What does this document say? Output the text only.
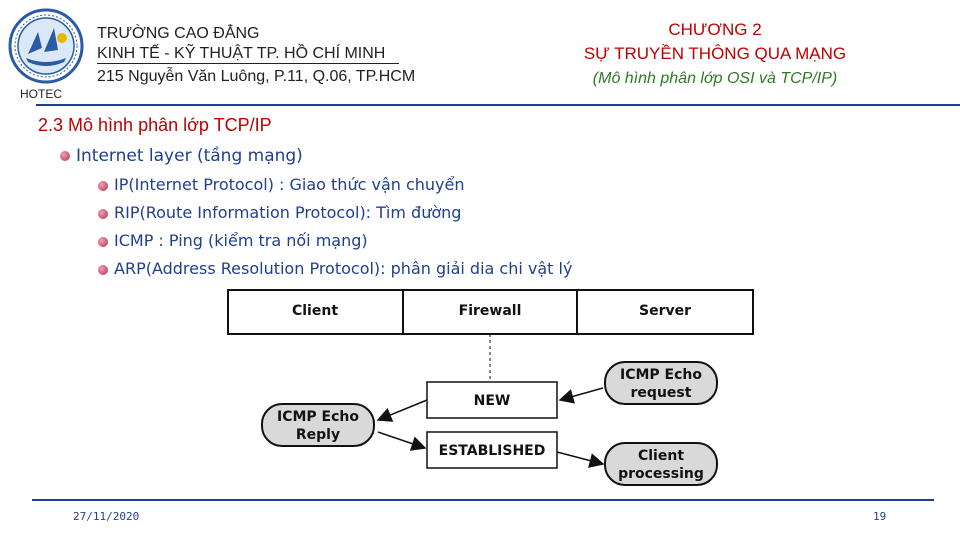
HOTEC
TRƯỜNG CAO ĐẲNG
KINH TẾ - KỸ THUẬT TP. HỒ CHÍ MINH
215 Nguyễn Văn Luông, P.11, Q.06, TP.HCM
CHƯƠNG 2
SỰ TRUYỀN THÔNG QUA MẠNG
(Mô hình phân lớp OSI và TCP/IP)
2.3 Mô hình phân lớp TCP/IP
Internet layer (tầng mạng)
IP(Internet Protocol) : Giao thức vận chuyển
RIP(Route Information Protocol): Tìm đường
ICMP : Ping (kiểm tra nối mạng)
ARP(Address Resolution Protocol): phân giải dia chi vật lý
Client	Firewall	Server
NEW
ESTABLISHED
ICMP Echo
request
Client
processing
ICMP Echo
Reply
27/11/2020	19
